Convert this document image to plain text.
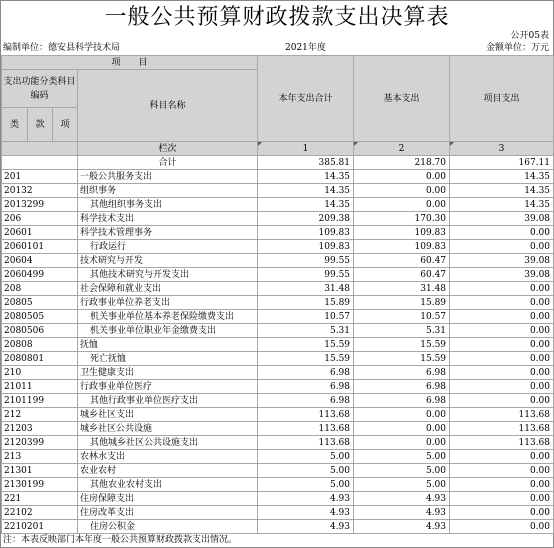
一般公共预算财政拨款支出决算表
公开05表
编制单位：德安县科学技术局	2021年度	金额单位：万元
项　　目				本年支出合计	基本支出	项目支出
支出功能分类科目编码			科目名称			
类	款	项				
			栏次	1	2	3
			合计	385.81	218.70	167.11
201			一般公共服务支出	14.35	0.00	14.35
20132			组织事务	14.35	0.00	14.35
2013299			其他组织事务支出	14.35	0.00	14.35
206			科学技术支出	209.38	170.30	39.08
20601			科学技术管理事务	109.83	109.83	0.00
2060101			行政运行	109.83	109.83	0.00
20604			技术研究与开发	99.55	60.47	39.08
2060499			其他技术研究与开发支出	99.55	60.47	39.08
208			社会保障和就业支出	31.48	31.48	0.00
20805			行政事业单位养老支出	15.89	15.89	0.00
2080505			机关事业单位基本养老保险缴费支出	10.57	10.57	0.00
2080506			机关事业单位职业年金缴费支出	5.31	5.31	0.00
20808			抚恤	15.59	15.59	0.00
2080801			死亡抚恤	15.59	15.59	0.00
210			卫生健康支出	6.98	6.98	0.00
21011			行政事业单位医疗	6.98	6.98	0.00
2101199			其他行政事业单位医疗支出	6.98	6.98	0.00
212			城乡社区支出	113.68	0.00	113.68
21203			城乡社区公共设施	113.68	0.00	113.68
2120399			其他城乡社区公共设施支出	113.68	0.00	113.68
213			农林水支出	5.00	5.00	0.00
21301			农业农村	5.00	5.00	0.00
2130199			其他农业农村支出	5.00	5.00	0.00
221			住房保障支出	4.93	4.93	0.00
22102			住房改革支出	4.93	4.93	0.00
2210201			住房公积金	4.93	4.93	0.00
注：本表反映部门本年度一般公共预算财政拨款支出情况。
